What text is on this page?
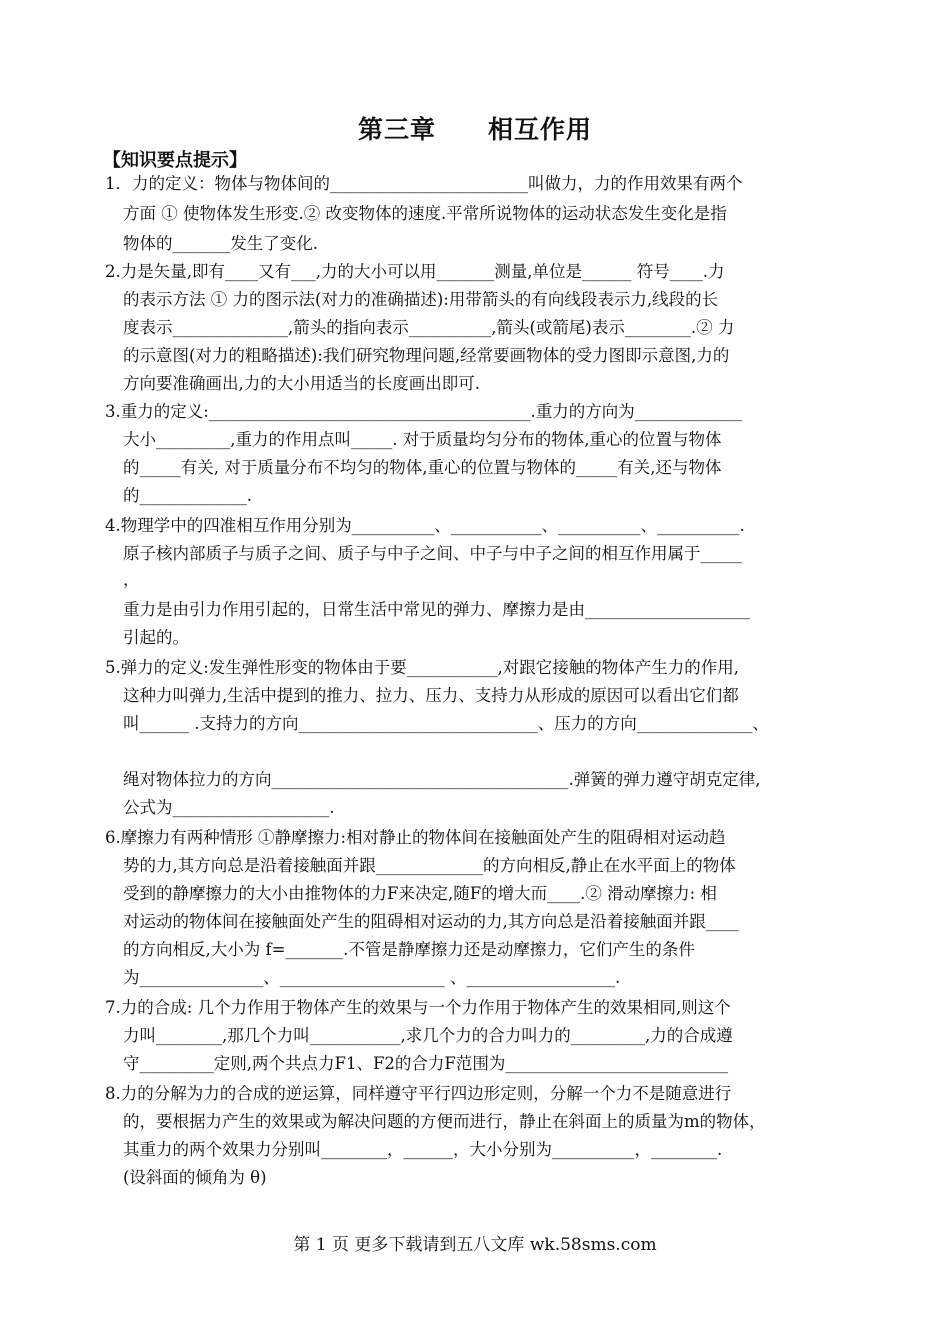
第三章　　相互作用
【知识要点提示】
1．力的定义：物体与物体间的________________________叫做力，力的作用效果有两个
方面 ① 使物体发生形变.② 改变物体的速度.平常所说物体的运动状态发生变化是指
物体的_______发生了变化.
2.力是矢量,即有____又有___,力的大小可以用_______测量,单位是______ 符号____.力
的表示方法 ① 力的图示法(对力的准确描述):用带箭头的有向线段表示力,线段的长
度表示______________,箭头的指向表示__________,箭头(或箭尾)表示________.② 力
的示意图(对力的粗略描述):我们研究物理问题,经常要画物体的受力图即示意图,力的
方向要准确画出,力的大小用适当的长度画出即可.
3.重力的定义:_______________________________________.重力的方向为_____________
大小_________,重力的作用点叫_____. 对于质量均匀分布的物体,重心的位置与物体
的_____有关, 对于质量分布不均匀的物体,重心的位置与物体的_____有关,还与物体
的_____________.
4.物理学中的四准相互作用分别为__________、___________、__________、__________.
原子核内部质子与质子之间、质子与中子之间、中子与中子之间的相互作用属于_____
，
重力是由引力作用引起的，日常生活中常见的弹力、摩擦力是由____________________
引起的。
5.弹力的定义:发生弹性形变的物体由于要___________,对跟它接触的物体产生力的作用,
这种力叫弹力,生活中提到的推力、拉力、压力、支持力从形成的原因可以看出它们都
叫______ .支持力的方向_____________________________、压力的方向______________、
绳对物体拉力的方向____________________________________.弹簧的弹力遵守胡克定律,
公式为___________________.
6.摩擦力有两种情形 ①静摩擦力:相对静止的物体间在接触面处产生的阻碍相对运动趋
势的力,其方向总是沿着接触面并跟_____________的方向相反,静止在水平面上的物体
受到的静摩擦力的大小由推物体的力F来决定,随F的增大而____.② 滑动摩擦力: 相
对运动的物体间在接触面处产生的阻碍相对运动的力,其方向总是沿着接触面并跟____
的方向相反,大小为 f=_______.不管是静摩擦力还是动摩擦力，它们产生的条件
为_______________、____________________ 、__________________.
7.力的合成: 几个力作用于物体产生的效果与一个力作用于物体产生的效果相同,则这个
力叫________,那几个力叫___________,求几个力的合力叫力的_________,力的合成遵
守_________定则,两个共点力F1、F2的合力F范围为___________________________
8.力的分解为力的合成的逆运算，同样遵守平行四边形定则，分解一个力不是随意进行
的，要根据力产生的效果或为解决问题的方便而进行，静止在斜面上的质量为m的物体，
其重力的两个效果力分别叫________，______，大小分别为__________，________.
(设斜面的倾角为 θ)
第 1 页 更多下载请到五八文库 wk.58sms.com
